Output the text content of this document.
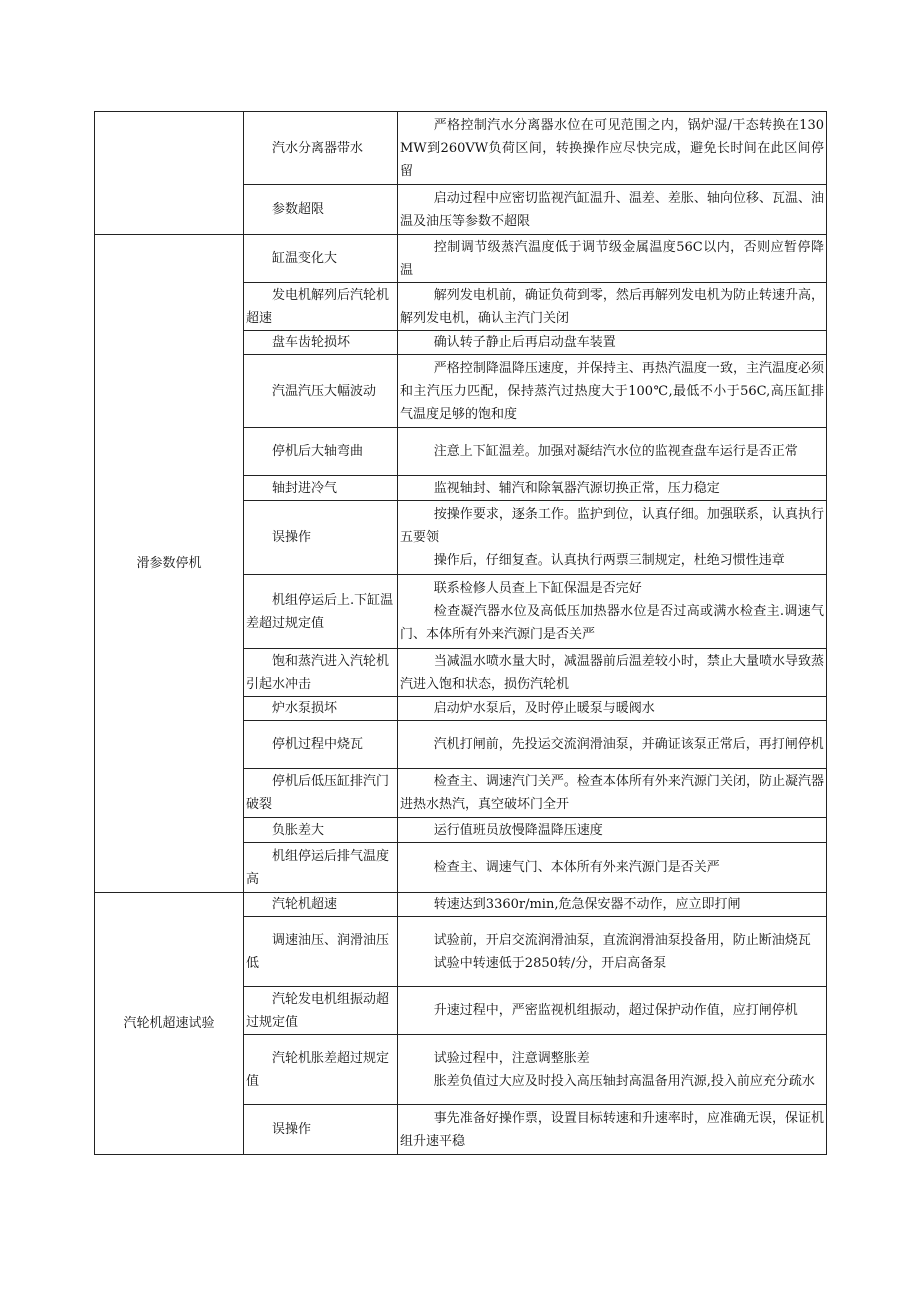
	汽水分离器带水	严格控制汽水分离器水位在可见范围之内，锅炉湿/干态转换在130MW到260VW负荷区间，转换操作应尽快完成，避免长时间在此区间停留

	参数超限	启动过程中应密切监视汽缸温升、温差、差胀、轴向位移、瓦温、油温及油压等参数不超限

滑参数停机	缸温变化大	控制调节级蒸汽温度低于调节级金属温度56C以内，否则应暂停降温

	发电机解列后汽轮机超速	解列发电机前，确证负荷到零，然后再解列发电机为防止转速升高，解列发电机，确认主汽门关闭

	盘车齿轮损坏	确认转子静止后再启动盘车装置

	汽温汽压大幅波动	严格控制降温降压速度，并保持主、再热汽温度一致，主汽温度必须和主汽压力匹配，保持蒸汽过热度大于100℃,最低不小于56C,高压缸排气温度足够的饱和度

	停机后大轴弯曲	注意上下缸温差。加强对凝结汽水位的监视查盘车运行是否正常

	轴封进冷气	监视轴封、辅汽和除氧器汽源切换正常，压力稳定

	误操作	按操作要求，逐条工作。监护到位，认真仔细。加强联系，认真执行五要领

操作后，仔细复查。认真执行两票三制规定，杜绝习惯性违章

	机组停运后上.下缸温差超过规定值	联系检修人员查上下缸保温是否完好

检查凝汽器水位及高低压加热器水位是否过高或满水检查主.调速气门、本体所有外来汽源门是否关严

	饱和蒸汽进入汽轮机引起水冲击	当减温水喷水量大时，减温器前后温差较小时，禁止大量喷水导致蒸汽进入饱和状态，损伤汽轮机

	炉水泵损坏	启动炉水泵后，及时停止暖泵与暖阀水

	停机过程中烧瓦	汽机打闸前，先投运交流润滑油泵，并确证该泵正常后，再打闸停机

	停机后低压缸排汽门破裂	检查主、调速汽门关严。检查本体所有外来汽源门关闭，防止凝汽器进热水热汽，真空破坏门全开

	负胀差大	运行值班员放慢降温降压速度

	机组停运后排气温度高	检查主、调速气门、本体所有外来汽源门是否关严

汽轮机超速试验	汽轮机超速	转速达到3360r/min,危急保安器不动作，应立即打闸

	调速油压、润滑油压低	试验前，开启交流润滑油泵，直流润滑油泵投备用，防止断油烧瓦

试验中转速低于2850转/分，开启高备泵

	汽轮发电机组振动超过规定值	升速过程中，严密监视机组振动，超过保护动作值，应打闸停机

	汽轮机胀差超过规定值	试验过程中，注意调整胀差

胀差负值过大应及时投入高压轴封高温备用汽源,投入前应充分疏水

	误操作	事先准备好操作票，设置目标转速和升速率时，应准确无误，保证机组升速平稳
